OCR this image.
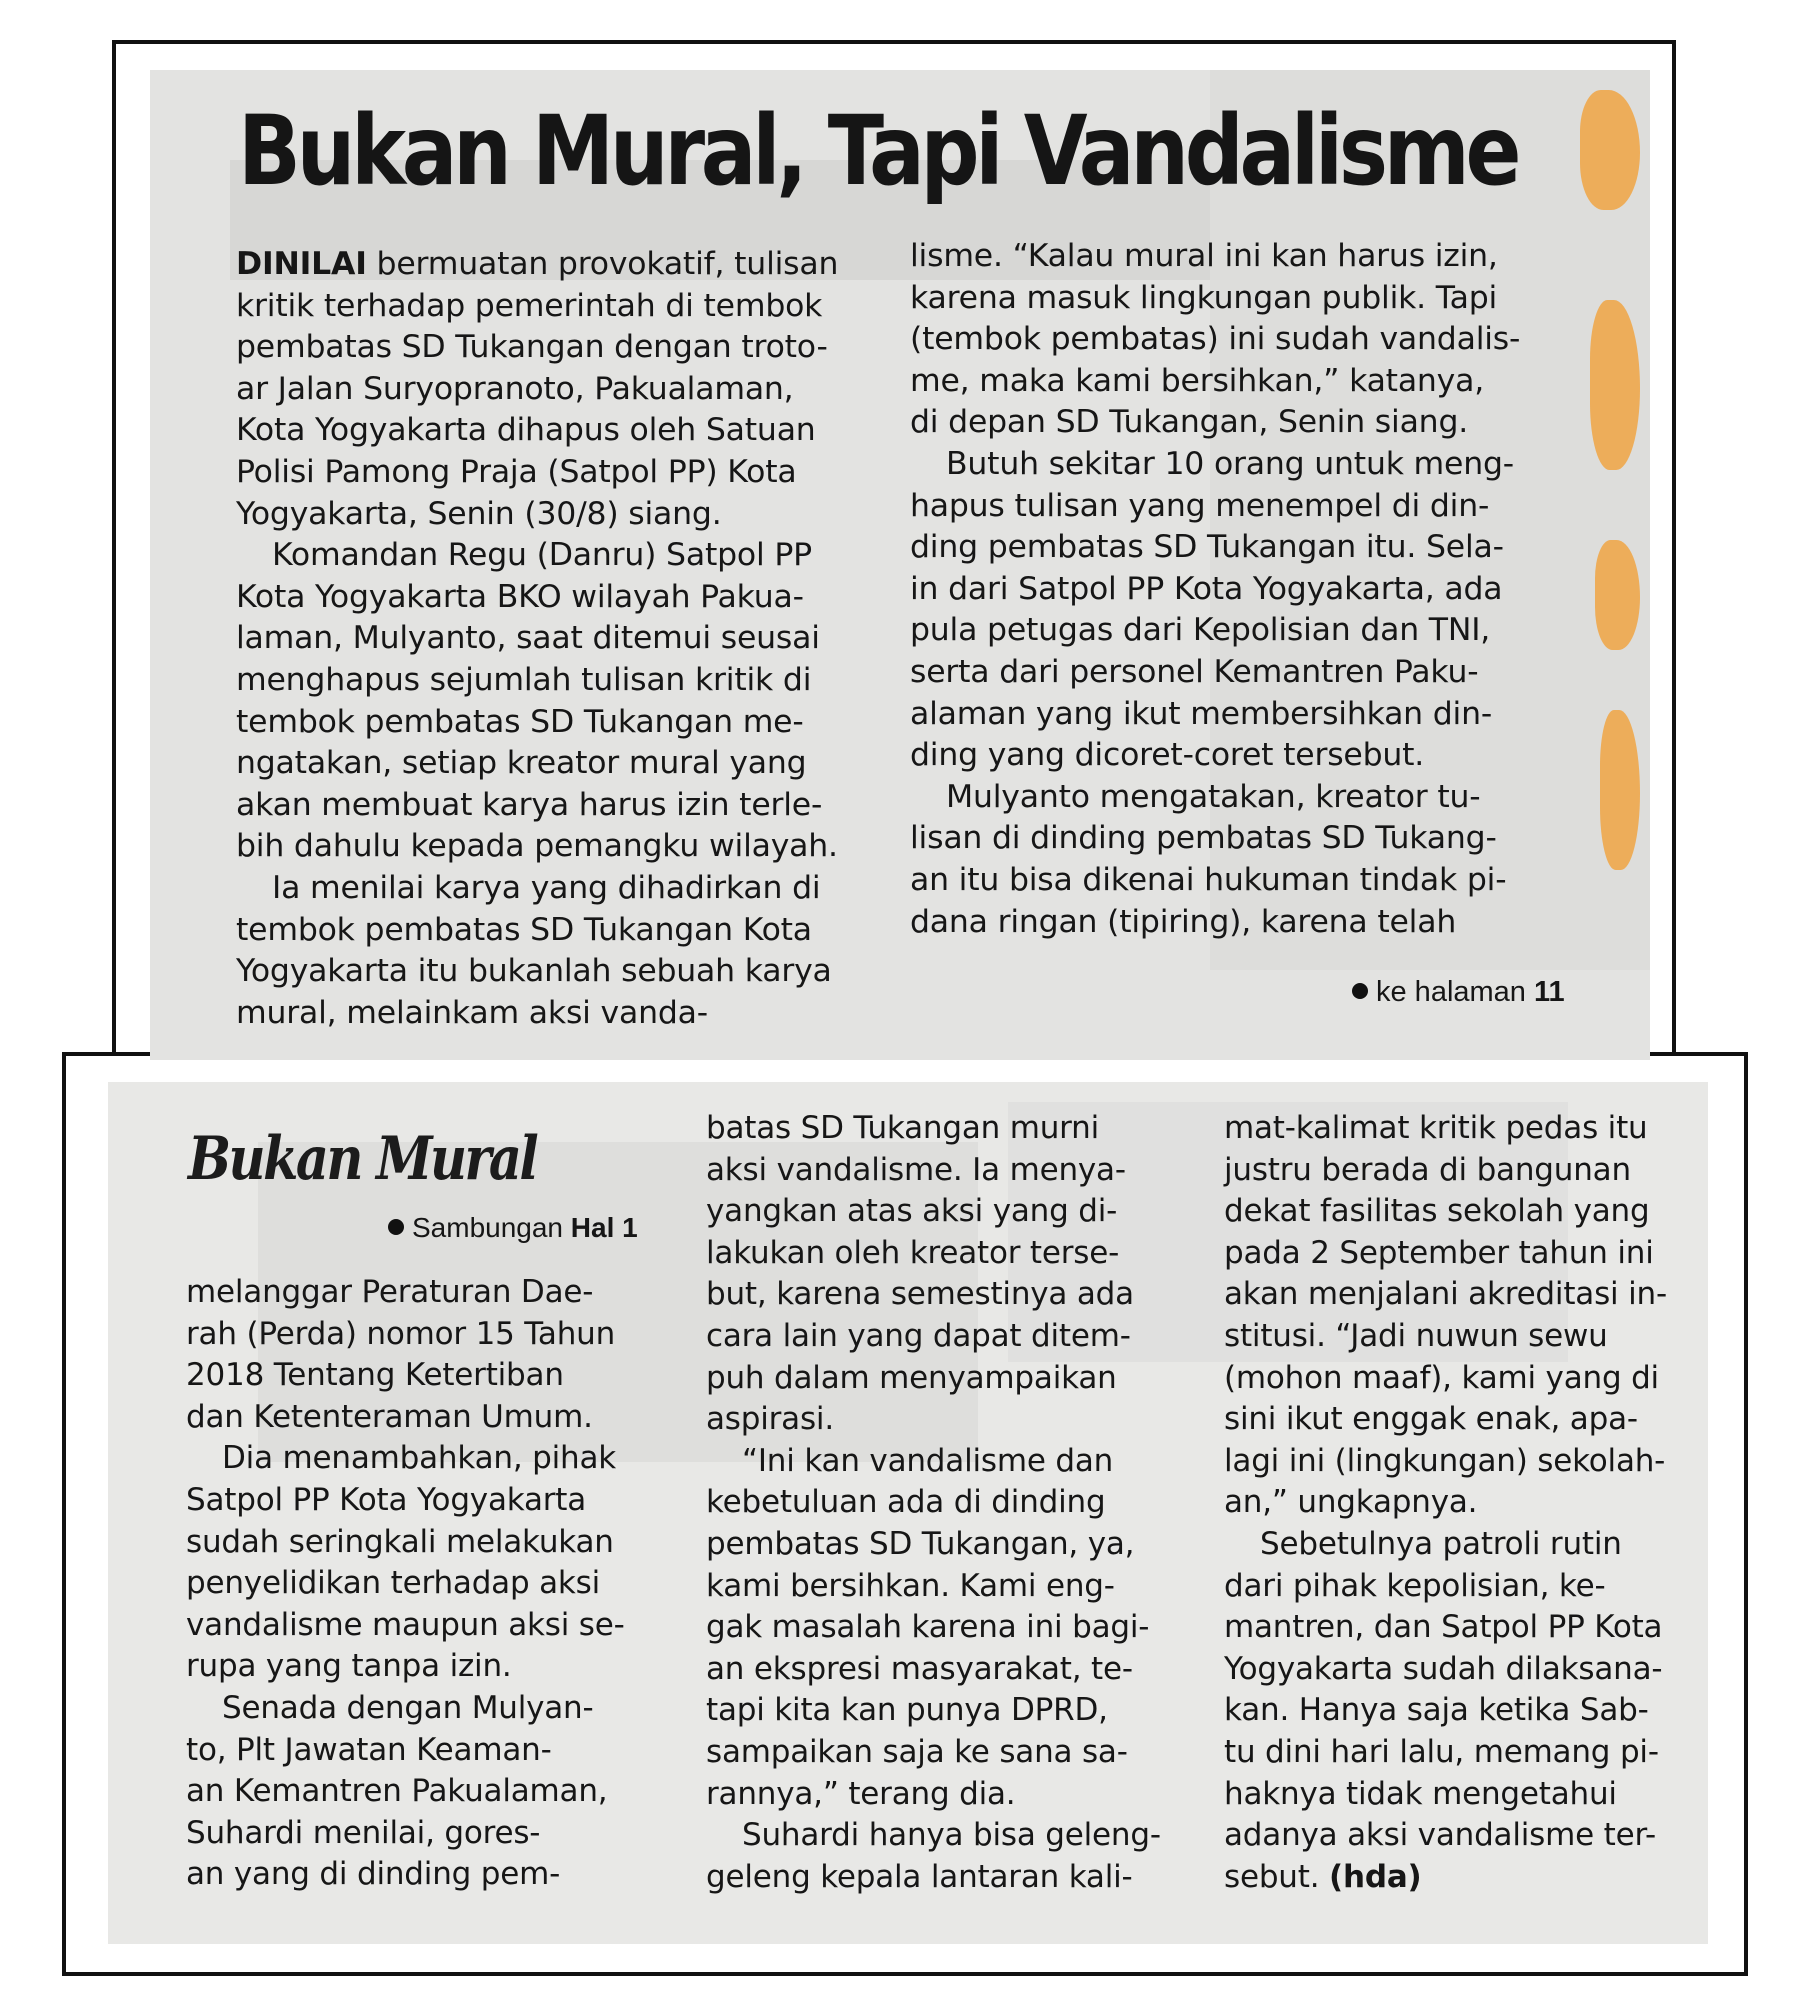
Bukan Mural, Tapi Vandalisme

DINILAI bermuatan provokatif, tulisan

kritik terhadap pemerintah di tembok

pembatas SD Tukangan dengan troto-

ar Jalan Suryopranoto, Pakualaman,

Kota Yogyakarta dihapus oleh Satuan

Polisi Pamong Praja (Satpol PP) Kota

Yogyakarta, Senin (30/8) siang.

Komandan Regu (Danru) Satpol PP

Kota Yogyakarta BKO wilayah Pakua-

laman, Mulyanto, saat ditemui seusai

menghapus sejumlah tulisan kritik di

tembok pembatas SD Tukangan me-

ngatakan, setiap kreator mural yang

akan membuat karya harus izin terle-

bih dahulu kepada pemangku wilayah.

Ia menilai karya yang dihadirkan di

tembok pembatas SD Tukangan Kota

Yogyakarta itu bukanlah sebuah karya

mural, melainkam aksi vanda-

lisme. “Kalau mural ini kan harus izin,

karena masuk lingkungan publik. Tapi

(tembok pembatas) ini sudah vandalis-

me, maka kami bersihkan,” katanya,

di depan SD Tukangan, Senin siang.

Butuh sekitar 10 orang untuk meng-

hapus tulisan yang menempel di din-

ding pembatas SD Tukangan itu. Sela-

in dari Satpol PP Kota Yogyakarta, ada

pula petugas dari Kepolisian dan TNI,

serta dari personel Kemantren Paku-

alaman yang ikut membersihkan din-

ding yang dicoret-coret tersebut.

Mulyanto mengatakan, kreator tu-

lisan di dinding pembatas SD Tukang-

an itu bisa dikenai hukuman tindak pi-

dana ringan (tipiring), karena telah

ke halaman 11
Bukan Mural
Sambungan Hal 1

melanggar Peraturan Dae-

rah (Perda) nomor 15 Tahun

2018 Tentang Ketertiban

dan Ketenteraman Umum.

Dia menambahkan, pihak

Satpol PP Kota Yogyakarta

sudah seringkali melakukan

penyelidikan terhadap aksi

vandalisme maupun aksi se-

rupa yang tanpa izin.

Senada dengan Mulyan-

to, Plt Jawatan Keaman-

an Kemantren Pakualaman,

Suhardi menilai, gores-

an yang di dinding pem-

batas SD Tukangan murni

aksi vandalisme. Ia menya-

yangkan atas aksi yang di-

lakukan oleh kreator terse-

but, karena semestinya ada

cara lain yang dapat ditem-

puh dalam menyampaikan

aspirasi.

“Ini kan vandalisme dan

kebetuluan ada di dinding

pembatas SD Tukangan, ya,

kami bersihkan. Kami eng-

gak masalah karena ini bagi-

an ekspresi masyarakat, te-

tapi kita kan punya DPRD,

sampaikan saja ke sana sa-

rannya,” terang dia.

Suhardi hanya bisa geleng-

geleng kepala lantaran kali-

mat-kalimat kritik pedas itu

justru berada di bangunan

dekat fasilitas sekolah yang

pada 2 September tahun ini

akan menjalani akreditasi in-

stitusi. “Jadi nuwun sewu

(mohon maaf), kami yang di

sini ikut enggak enak, apa-

lagi ini (lingkungan) sekolah-

an,” ungkapnya.

Sebetulnya patroli rutin

dari pihak kepolisian, ke-

mantren, dan Satpol PP Kota

Yogyakarta sudah dilaksana-

kan. Hanya saja ketika Sab-

tu dini hari lalu, memang pi-

haknya tidak mengetahui

adanya aksi vandalisme ter-

sebut. (hda)
